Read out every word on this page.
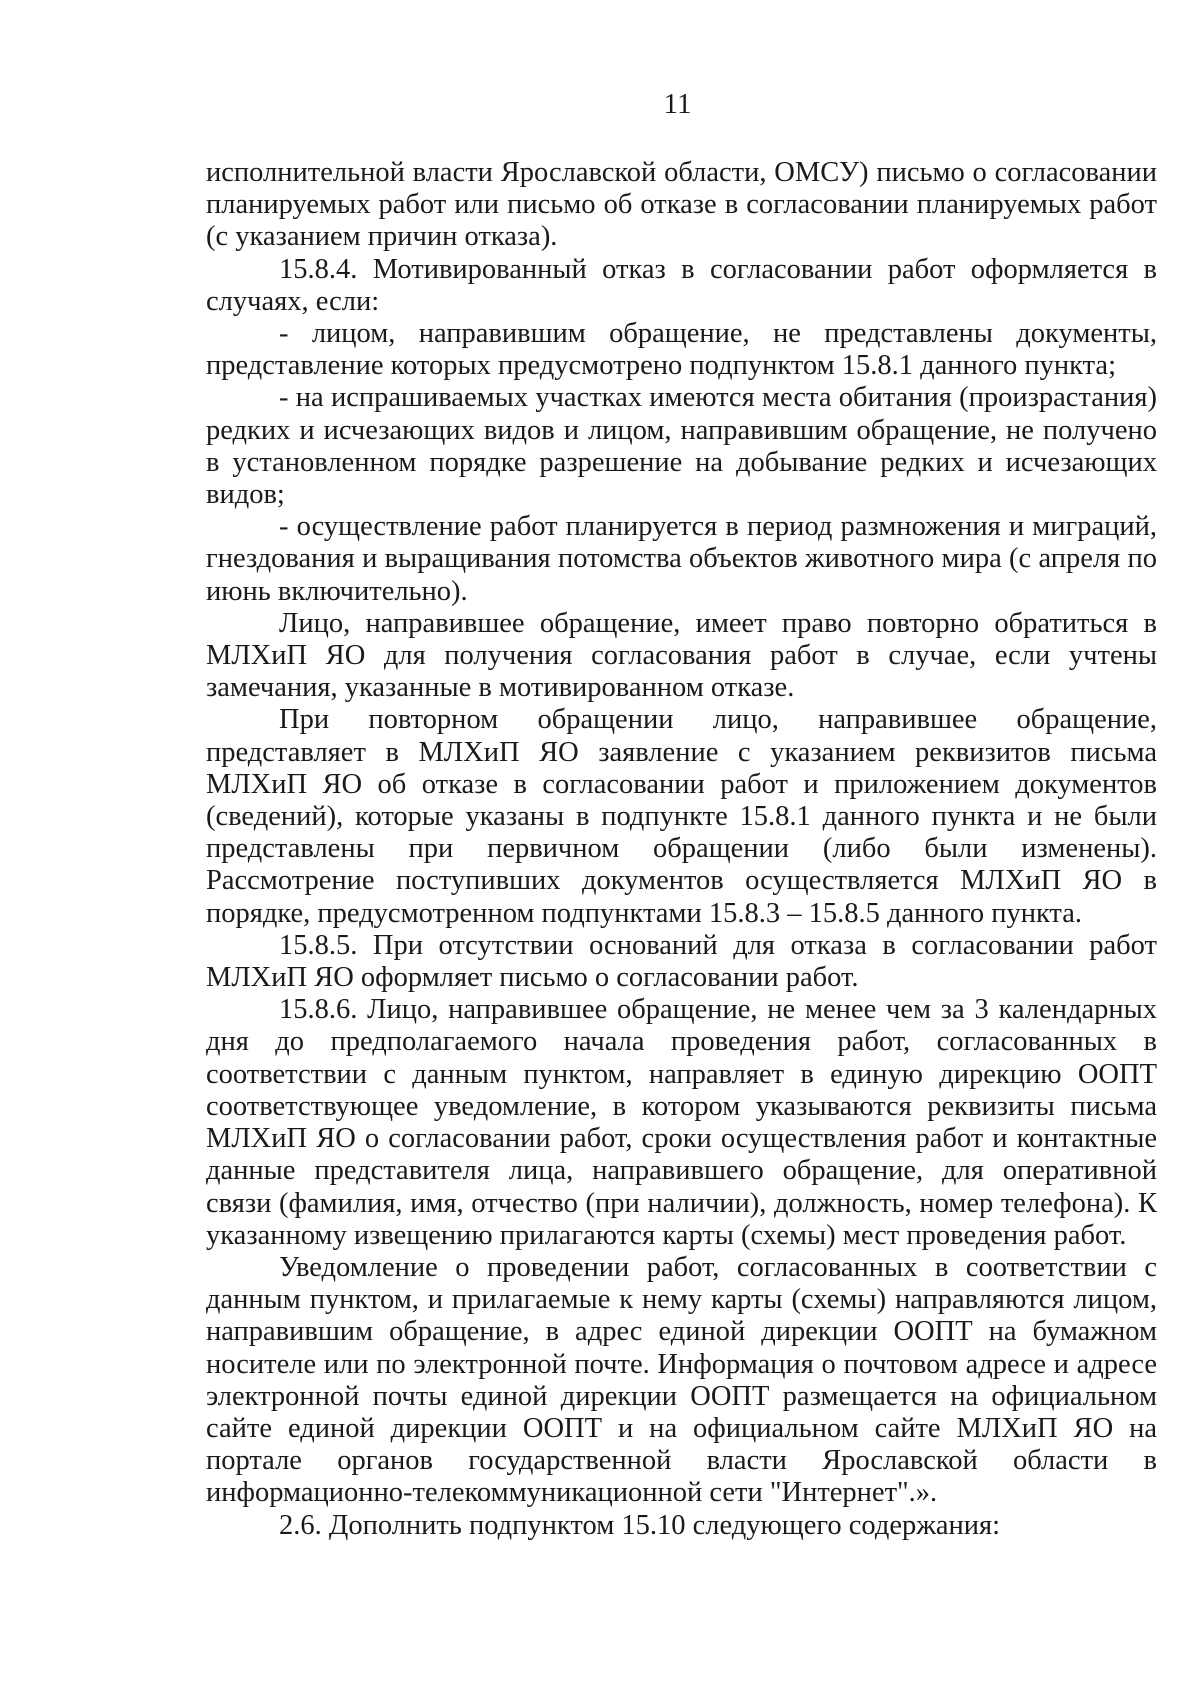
11

исполнительной власти Ярославской области, ОМСУ) письмо о согласовании планируемых работ или письмо об отказе в согласовании планируемых работ (с указанием причин отказа).

15.8.4. Мотивированный отказ в согласовании работ оформляется в случаях, если:

- лицом, направившим обращение, не представлены документы, представление которых предусмотрено подпунктом 15.8.1 данного пункта;

- на испрашиваемых участках имеются места обитания (произрастания) редких и исчезающих видов и лицом, направившим обращение, не получено в установленном порядке разрешение на добывание редких и исчезающих видов;

- осуществление работ планируется в период размножения и миграций, гнездования и выращивания потомства объектов животного мира (с апреля по июнь включительно).

Лицо, направившее обращение, имеет право повторно обратиться в МЛХиП ЯО для получения согласования работ в случае, если учтены замечания, указанные в мотивированном отказе.

При повторном обращении лицо, направившее обращение, представляет в МЛХиП ЯО заявление с указанием реквизитов письма МЛХиП ЯО об отказе в согласовании работ и приложением документов (сведений), которые указаны в подпункте 15.8.1 данного пункта и не были представлены при первичном обращении (либо были изменены). Рассмотрение поступивших документов осуществляется МЛХиП ЯО в порядке, предусмотренном подпунктами 15.8.3 – 15.8.5 данного пункта.

15.8.5. При отсутствии оснований для отказа в согласовании работ МЛХиП ЯО оформляет письмо о согласовании работ.

15.8.6. Лицо, направившее обращение, не менее чем за 3 календарных дня до предполагаемого начала проведения работ, согласованных в соответствии с данным пунктом, направляет в единую дирекцию ООПТ соответствующее уведомление, в котором указываются реквизиты письма МЛХиП ЯО о согласовании работ, сроки осуществления работ и контактные данные представителя лица, направившего обращение, для оперативной связи (фамилия, имя, отчество (при наличии), должность, номер телефона). К указанному извещению прилагаются карты (схемы) мест проведения работ.

Уведомление о проведении работ, согласованных в соответствии с данным пунктом, и прилагаемые к нему карты (схемы) направляются лицом, направившим обращение, в адрес единой дирекции ООПТ на бумажном носителе или по электронной почте. Информация о почтовом адресе и адресе электронной почты единой дирекции ООПТ размещается на официальном сайте единой дирекции ООПТ и на официальном сайте МЛХиП ЯО на портале органов государственной власти Ярославской области в информационно-телекоммуникационной сети "Интернет".».

2.6. Дополнить подпунктом 15.10 следующего содержания:
